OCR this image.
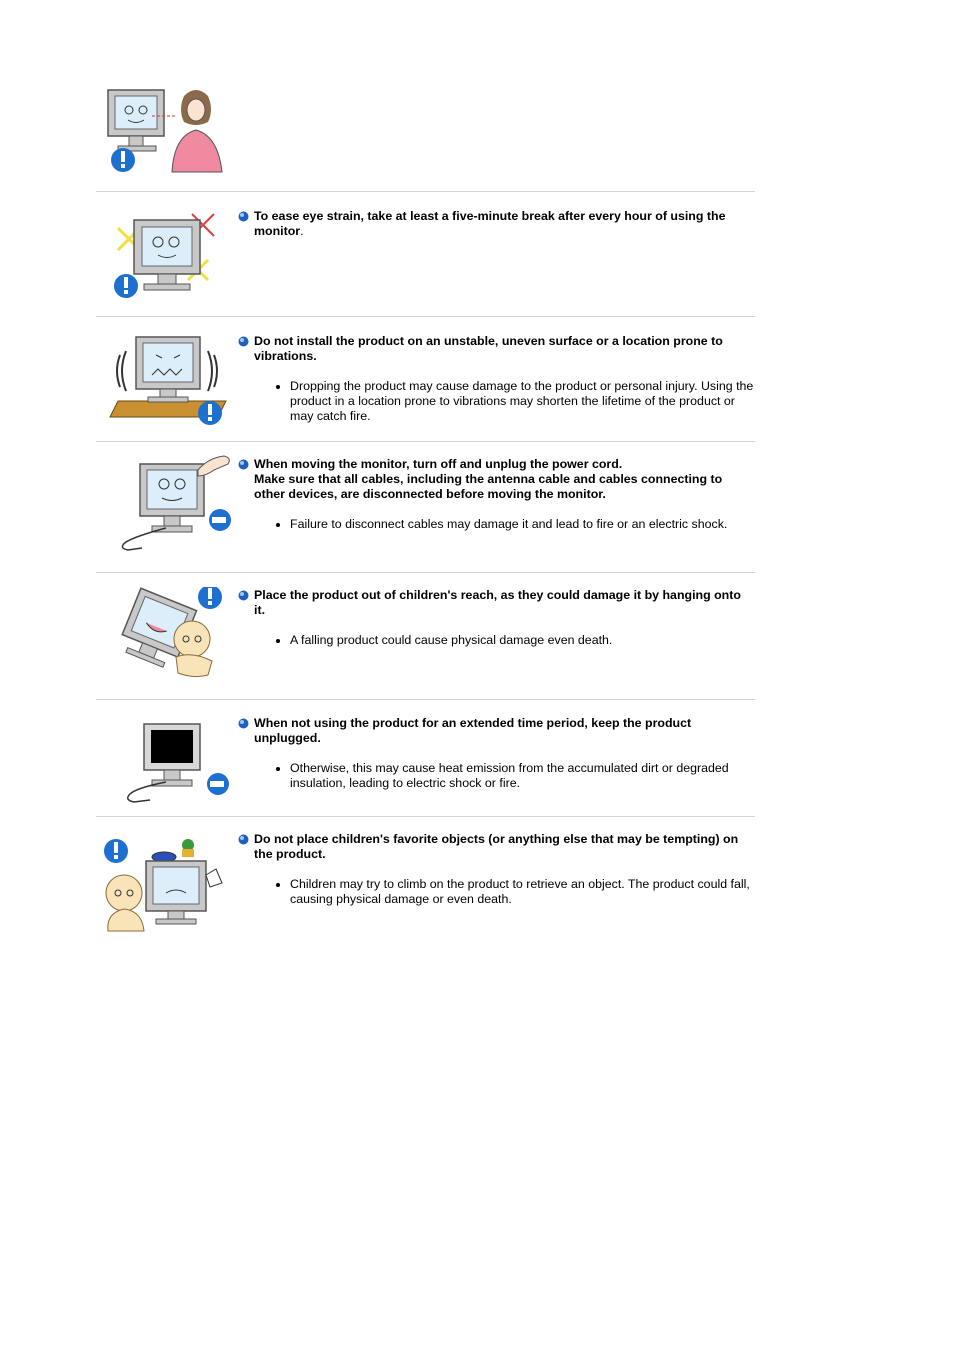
To ease eye strain, take at least a five-minute break after every hour of using the monitor.
Do not install the product on an unstable, uneven surface or a location prone to vibrations.
Dropping the product may cause damage to the product or personal injury. Using the product in a location prone to vibrations may shorten the lifetime of the product or may catch fire.
When moving the monitor, turn off and unplug the power cord.
Make sure that all cables, including the antenna cable and cables connecting to other devices, are disconnected before moving the monitor.
Failure to disconnect cables may damage it and lead to fire or an electric shock.
Place the product out of children's reach, as they could damage it by hanging onto it.
A falling product could cause physical damage even death.
When not using the product for an extended time period, keep the product unplugged.
Otherwise, this may cause heat emission from the accumulated dirt or degraded insulation, leading to electric shock or fire.
Do not place children's favorite objects (or anything else that may be tempting) on the product.
Children may try to climb on the product to retrieve an object. The product could fall, causing physical damage or even death.
